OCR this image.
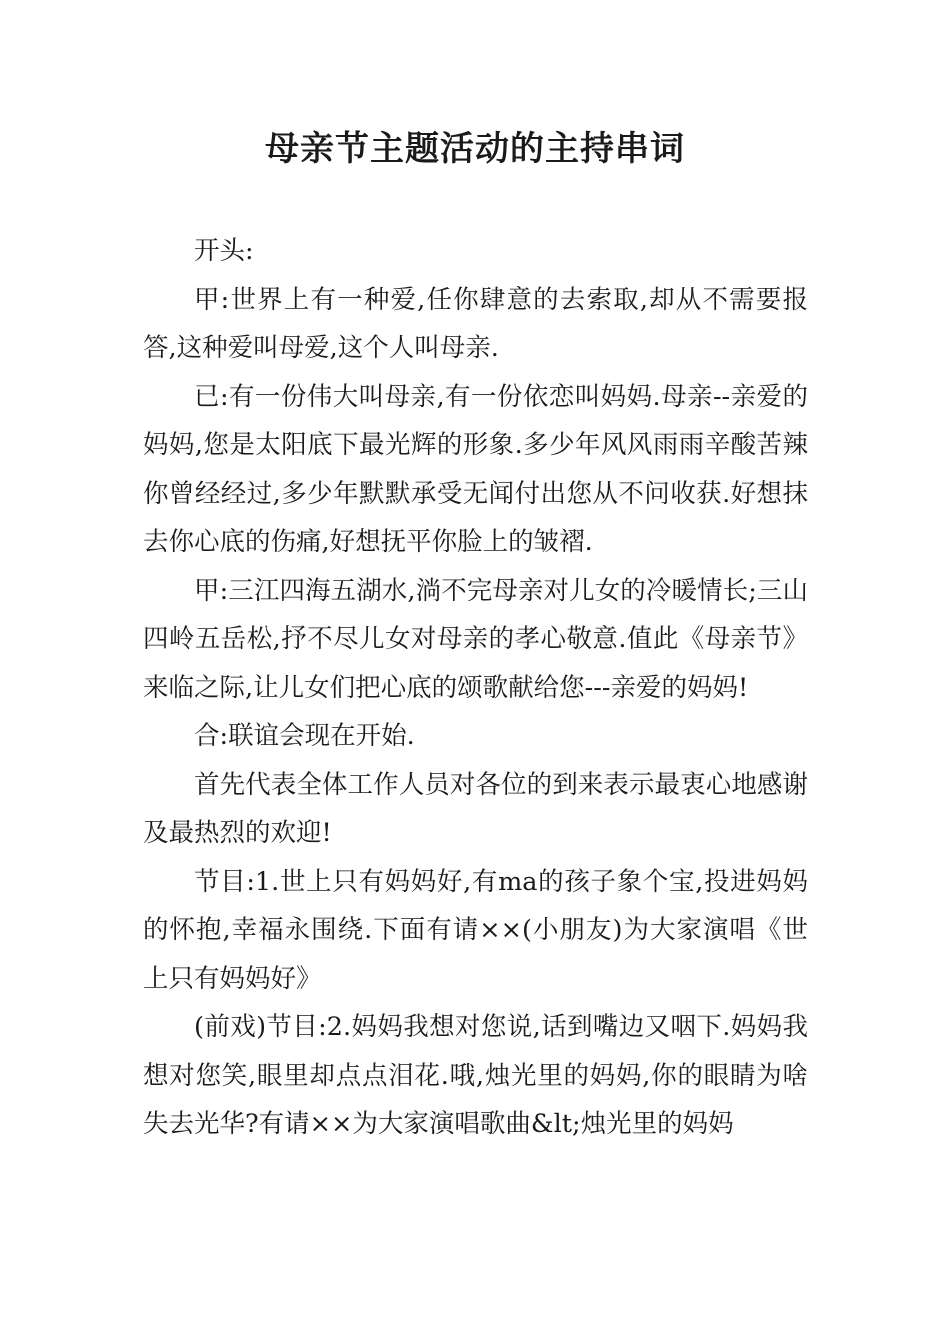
母亲节主题活动的主持串词

开头:

甲:世界上有一种爱,任你肆意的去索取,却从不需要报答,这种爱叫母爱,这个人叫母亲.

已:有一份伟大叫母亲,有一份依恋叫妈妈.母亲--亲爱的妈妈,您是太阳底下最光辉的形象.多少年风风雨雨辛酸苦辣你曾经经过,多少年默默承受无闻付出您从不问收获.好想抹去你心底的伤痛,好想抚平你脸上的皱褶.

甲:三江四海五湖水,淌不完母亲对儿女的冷暖情长;三山四岭五岳松,抒不尽儿女对母亲的孝心敬意.值此《母亲节》来临之际,让儿女们把心底的颂歌献给您---亲爱的妈妈!

合:联谊会现在开始.

首先代表全体工作人员对各位的到来表示最衷心地感谢及最热烈的欢迎!

节目:1.世上只有妈妈好,有ma的孩子象个宝,投进妈妈的怀抱,幸福永围绕.下面有请××(小朋友)为大家演唱《世上只有妈妈好》

(前戏)节目:2.妈妈我想对您说,话到嘴边又咽下.妈妈我想对您笑,眼里却点点泪花.哦,烛光里的妈妈,你的眼睛为啥失去光华?有请××为大家演唱歌曲&lt;烛光里的妈妈
